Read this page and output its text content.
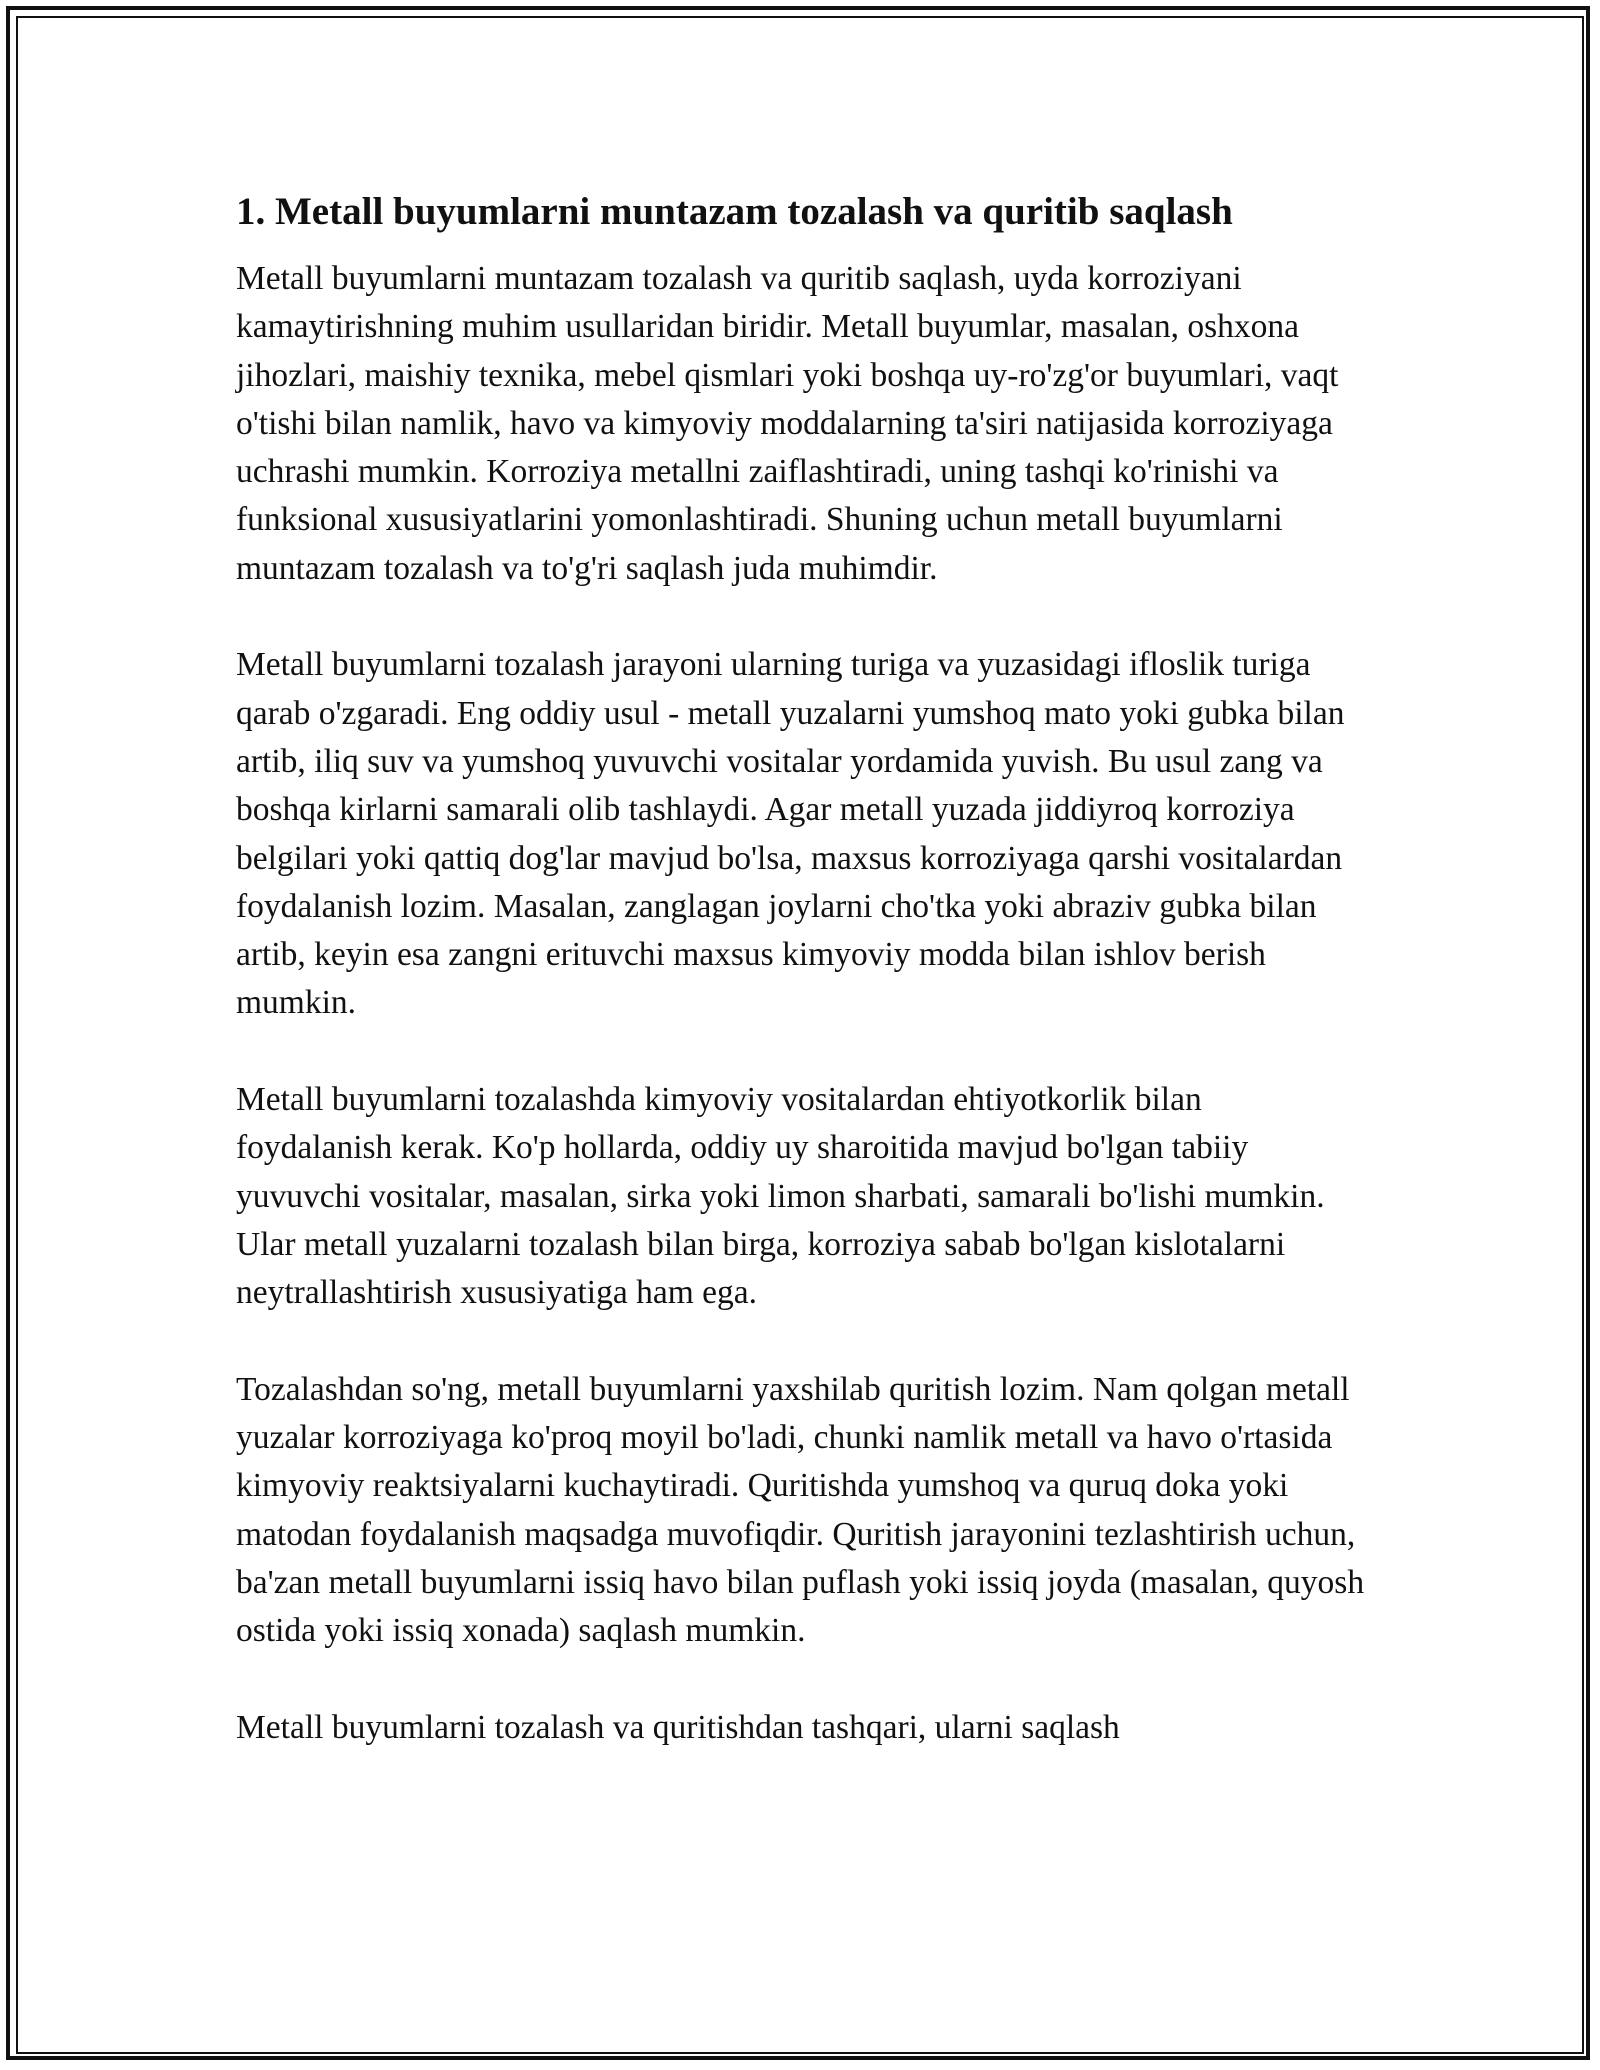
1. Metall buyumlarni muntazam tozalash va quritib saqlash

Metall buyumlarni muntazam tozalash va quritib saqlash, uyda korroziyani kamaytirishning muhim usullaridan biridir. Metall buyumlar, masalan, oshxona jihozlari, maishiy texnika, mebel qismlari yoki boshqa uy-ro'zg'or buyumlari, vaqt o'tishi bilan namlik, havo va kimyoviy moddalarning ta'siri natijasida korroziyaga uchrashi mumkin. Korroziya metallni zaiflashtiradi, uning tashqi ko'rinishi va funksional xususiyatlarini yomonlashtiradi. Shuning uchun metall buyumlarni muntazam tozalash va to'g'ri saqlash juda muhimdir.

Metall buyumlarni tozalash jarayoni ularning turiga va yuzasidagi ifloslik turiga qarab o'zgaradi. Eng oddiy usul - metall yuzalarni yumshoq mato yoki gubka bilan artib, iliq suv va yumshoq yuvuvchi vositalar yordamida yuvish. Bu usul zang va boshqa kirlarni samarali olib tashlaydi. Agar metall yuzada jiddiyroq korroziya belgilari yoki qattiq dog'lar mavjud bo'lsa, maxsus korroziyaga qarshi vositalardan foydalanish lozim. Masalan, zanglagan joylarni cho'tka yoki abraziv gubka bilan artib, keyin esa zangni erituvchi maxsus kimyoviy modda bilan ishlov berish mumkin.

Metall buyumlarni tozalashda kimyoviy vositalardan ehtiyotkorlik bilan foydalanish kerak. Ko'p hollarda, oddiy uy sharoitida mavjud bo'lgan tabiiy yuvuvchi vositalar, masalan, sirka yoki limon sharbati, samarali bo'lishi mumkin. Ular metall yuzalarni tozalash bilan birga, korroziya sabab bo'lgan kislotalarni neytrallashtirish xususiyatiga ham ega.

Tozalashdan so'ng, metall buyumlarni yaxshilab quritish lozim. Nam qolgan metall yuzalar korroziyaga ko'proq moyil bo'ladi, chunki namlik metall va havo o'rtasida kimyoviy reaktsiyalarni kuchaytiradi. Quritishda yumshoq va quruq doka yoki matodan foydalanish maqsadga muvofiqdir. Quritish jarayonini tezlashtirish uchun, ba'zan metall buyumlarni issiq havo bilan puflash yoki issiq joyda (masalan, quyosh ostida yoki issiq xonada) saqlash mumkin.

Metall buyumlarni tozalash va quritishdan tashqari, ularni saqlash
